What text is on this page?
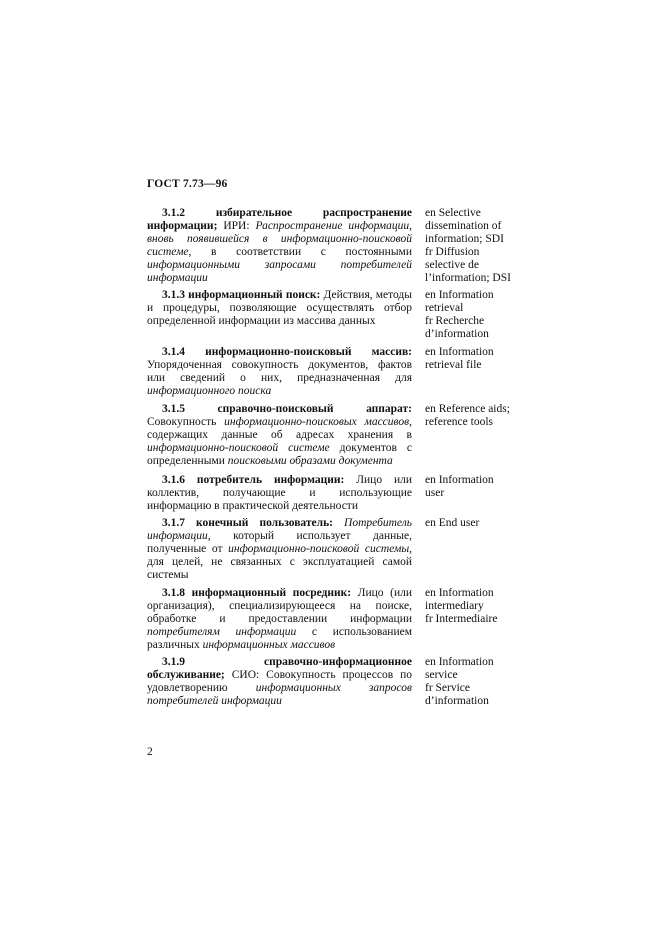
ГОСТ 7.73—96
3.1.2	избирательное распространение информации; ИРИ: Распространение информации, вновь появившейся в информационно-поисковой системе, в соответствии с постоянными информационными запросами потребителей информации
en Selective
dissemination of
information; SDI
fr Diffusion
selective de
l’information; DSI
3.1.3 информационный поиск: Действия, методы и процедуры, позволяющие осуществлять отбор определенной информации из массива данных
en Information
retrieval
fr Recherche
d’information
3.1.4 информационно-поисковый массив: Упорядоченная совокупность документов, фактов или сведений о них, предназначенная для информационного поиска
en Information
retrieval file
3.1.5	справочно-поисковый аппарат: Совокупность информационно-поисковых массивов, содержащих данные об адресах хранения в информационно-поисковой системе документов с определенными поисковыми образами документа
en Reference aids;
reference tools
3.1.6 потребитель информации: Лицо или коллектив, получающие и использующие информацию в практической деятельности
en Information
user
3.1.7 конечный пользователь: Потребитель информации, который использует данные, полученные от информационно-поисковой системы, для целей, не связанных с эксплуатацией самой системы
en End user
3.1.8 информационный посредник: Лицо (или организация), специализирующееся на поиске, обработке и предоставлении информации потребителям информации с использованием различных информационных массивов
en Information
intermediary
fr Intermediaire
3.1.9	справочно-информационное обслуживание; СИО: Совокупность процессов по удовлетворению информационных запросов потребителей информации
en Information
service
fr Service
d’information
2
